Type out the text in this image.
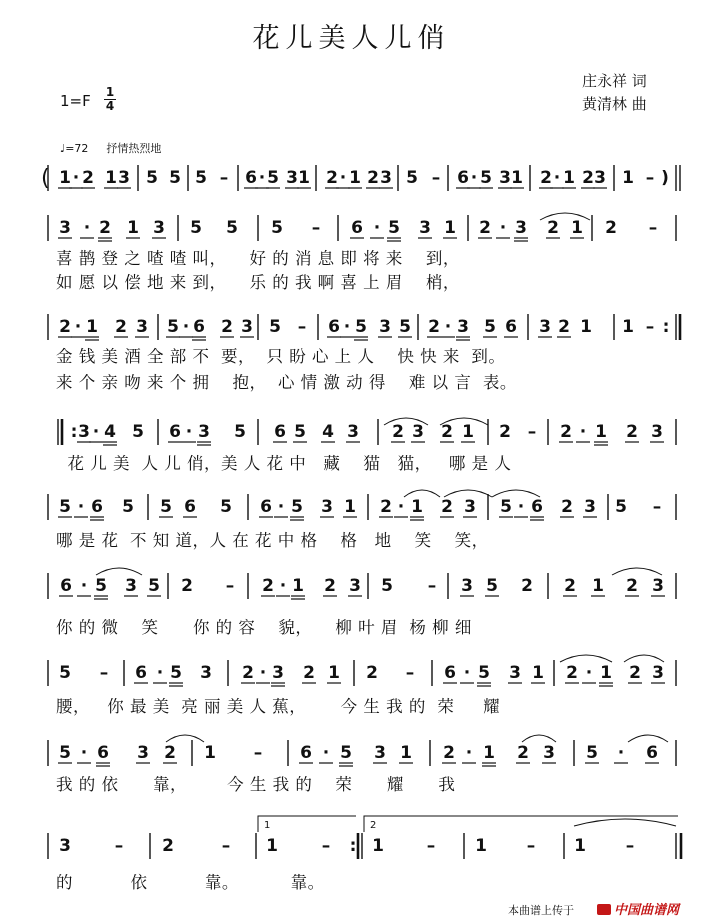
花儿美人儿俏
1=F 1
4
庄永祥 词
黄清林 曲
♩=72 抒情热烈地
1 · 2 1 3 5 5 5 – 6 · 5 3 1 2 · 1 2 3 5 – 6 · 5 3 1 2 · 1 2 3 1 – )
3 · 2 1 3 5 5 5 – 6 · 5 3 1 2 · 3 2 1 2 –
2 · 1 2 3 5 · 6 2 3 5 – 6 · 5 3 5 2 · 3 5 6 3 2 1 1 – :
: 3 · 4 5 6 · 3 5 6 5 4 3 2 3 2 1 2 – 2 · 1 2 3
5 · 6 5 5 6 5 6 · 5 3 1 2 · 1 2 3 5 · 6 2 3 5 –
6 · 5 3 5 2 – 2 · 1 2 3 5 – 3 5 2 2 1 2 3
5 – 6 · 5 3 2 · 3 2 1 2 – 6 · 5 3 1 2 · 1 2 3
5 · 6 3 2 1 – 6 · 5 3 1 2 · 1 2 3 5 · 6
3	– 2	– 1	– : 1	– 1 – 1 –
(
1	2
喜 鹊 登 之 喳 喳 叫，    好 的 消 息 即 将 来    到，
如 愿 以 偿 地 来 到，    乐 的 我 啊 喜 上 眉    梢，
金 钱 美 酒 全 部 不  要，  只 盼 心 上 人    快 快 来  到。
来 个 亲 吻 来 个 拥    抱，  心 情 激 动 得    难 以 言  表。
花 儿 美  人 儿 俏，美 人 花 中   藏    猫   猫，   哪 是 人
哪 是 花  不 知 道，人 在 花 中 格    格   地    笑    笑，
你 的 微    笑      你 的 容    貌，    柳 叶 眉  杨 柳 细
腰，   你 最 美  亮 丽 美 人 蕉，      今 生 我 的  荣     耀
我 的 依      靠，       今 生 我 的    荣      耀      我
的          依          靠。         靠。
本曲谱上传于	中国曲谱网
